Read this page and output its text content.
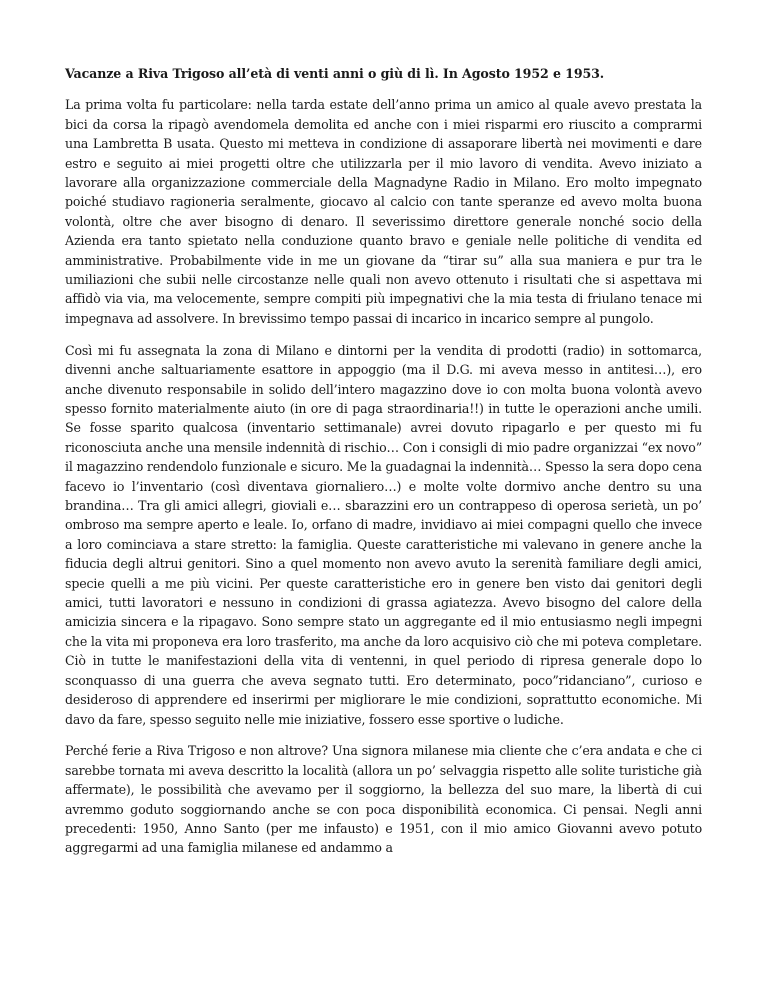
Vacanze a Riva Trigoso all’età di venti anni o giù di lì. In Agosto 1952 e 1953.

La prima volta fu particolare: nella tarda estate dell’anno prima un amico al quale avevo prestata la bici da corsa la ripagò avendomela demolita ed anche con i miei risparmi ero riuscito a comprarmi una Lambretta B usata. Questo mi metteva in condizione di assaporare libertà nei movimenti e dare estro e seguito ai miei progetti oltre che utilizzarla per il mio lavoro di vendita. Avevo iniziato a lavorare alla organizzazione commerciale della Magnadyne Radio in Milano. Ero molto impegnato poiché studiavo ragioneria seralmente, giocavo al calcio con tante speranze ed avevo molta buona volontà, oltre che aver bisogno di denaro. Il severissimo direttore generale nonché socio della Azienda era tanto spietato nella conduzione quanto bravo e geniale nelle politiche di vendita ed amministrative. Probabilmente vide in me un giovane da “tirar su” alla sua maniera e pur tra le umiliazioni che subii nelle circostanze nelle quali non avevo ottenuto i risultati che si aspettava mi affidò via via, ma velocemente, sempre compiti più impegnativi che la mia testa di friulano tenace mi impegnava ad assolvere. In brevissimo tempo passai di incarico in incarico sempre al pungolo.

Così mi fu assegnata la zona di Milano e dintorni per la vendita di prodotti (radio) in sottomarca, divenni anche saltuariamente esattore in appoggio (ma il D.G. mi aveva messo in antitesi…), ero anche divenuto responsabile in solido dell’intero magazzino dove io con molta buona volontà avevo spesso fornito materialmente aiuto (in ore di paga straordinaria!!) in tutte le operazioni anche umili. Se fosse sparito qualcosa (inventario settimanale) avrei dovuto ripagarlo e per questo mi fu riconosciuta anche una mensile indennità di rischio… Con i consigli di mio padre organizzai “ex novo” il magazzino rendendolo funzionale e sicuro. Me la guadagnai la indennità… Spesso la sera dopo cena facevo io l’inventario (così diventava giornaliero…) e molte volte dormivo anche dentro su una brandina… Tra gli amici allegri, gioviali e… sbarazzini ero un contrappeso di operosa serietà, un po’ ombroso ma sempre aperto e leale. Io, orfano di madre, invidiavo ai miei compagni quello che invece a loro cominciava a stare stretto: la famiglia. Queste caratteristiche mi valevano in genere anche la fiducia degli altrui genitori. Sino a quel momento non avevo avuto la serenità familiare degli amici, specie quelli a me più vicini. Per queste caratteristiche ero in genere ben visto dai genitori degli amici, tutti lavoratori e nessuno in condizioni di grassa agiatezza. Avevo bisogno del calore della amicizia sincera e la ripagavo. Sono sempre stato un aggregante ed il mio entusiasmo negli impegni che la vita mi proponeva era loro trasferito, ma anche da loro acquisivo ciò che mi poteva completare. Ciò in tutte le manifestazioni della vita di ventenni, in quel periodo di ripresa generale dopo lo sconquasso di una guerra che aveva segnato tutti. Ero determinato, poco”ridanciano”, curioso e desideroso di apprendere ed inserirmi per migliorare le mie condizioni, soprattutto economiche. Mi davo da fare, spesso seguito nelle mie iniziative, fossero esse sportive o ludiche.

Perché ferie a Riva Trigoso e non altrove? Una signora milanese mia cliente che c’era andata e che ci sarebbe tornata mi aveva descritto la località (allora un po’ selvaggia rispetto alle solite turistiche già affermate), le possibilità che avevamo per il soggiorno, la bellezza del suo mare, la libertà di cui avremmo goduto soggiornando anche se con poca disponibilità economica. Ci pensai. Negli anni precedenti: 1950, Anno Santo (per me infausto) e 1951, con il mio amico Giovanni avevo potuto aggregarmi ad una famiglia milanese ed andammo a
